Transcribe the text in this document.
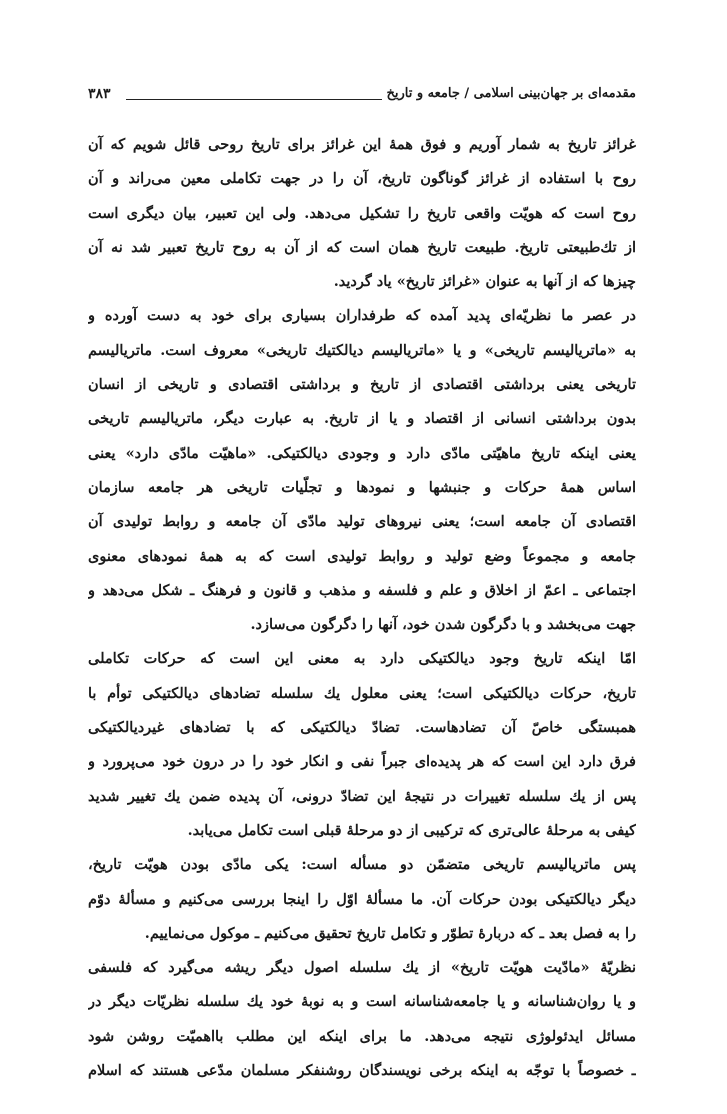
مقدمه‌ای بر جهان‌بینی اسلامی / جامعه و تاریخ
۳۸۳
غرائز تاریخ به شمار آوریم و فوق همهٔ این غرائز برای تاریخ روحی قائل شویم که آن
روح با استفاده از غرائز گوناگون تاریخ، آن را در جهت تکاملی معین می‌راند و آن
روح است که هویّت واقعی تاریخ را تشکیل می‌دهد. ولی این تعبیر، بیان دیگری است
از تك‌طبیعتی تاریخ. طبیعت تاریخ همان است که از آن به روح تاریخ تعبیر شد نه آن
چیزها که از آنها به عنوان «غرائز تاریخ» یاد گردید.
در عصر ما نظریّه‌ای پدید آمده که طرفداران بسیاری برای خود به دست آورده و
به «ماتریالیسم تاریخی» و یا «ماتریالیسم دیالکتیك تاریخی» معروف است. ماتریالیسم
تاریخی یعنی برداشتی اقتصادی از تاریخ و برداشتی اقتصادی و تاریخی از انسان
بدون برداشتی انسانی از اقتصاد و یا از تاریخ. به عبارت دیگر، ماتریالیسم تاریخی
یعنی اینکه تاریخ ماهیّتی مادّی دارد و وجودی دیالکتیکی. «ماهیّت مادّی دارد» یعنی
اساس همهٔ حرکات و جنبشها و نمودها و تجلّیات تاریخی هر جامعه سازمان
اقتصادی آن جامعه است؛ یعنی نیروهای تولید مادّی آن جامعه و روابط تولیدی آن
جامعه و مجموعاً وضع تولید و روابط تولیدی است که به همهٔ نمودهای معنوی
اجتماعی ـ اعمّ از اخلاق و علم و فلسفه و مذهب و قانون و فرهنگ ـ شکل می‌دهد و
جهت می‌بخشد و با دگرگون شدن خود، آنها را دگرگون می‌سازد.
امّا اینکه تاریخ وجود دیالکتیکی دارد به معنی این است که حرکات تکاملی
تاریخ، حرکات دیالکتیکی است؛ یعنی معلول یك سلسله تضادهای دیالکتیکی توأم با
همبستگی خاصّ آن تضادهاست. تضادّ دیالکتیکی که با تضادهای غیردیالکتیکی
فرق دارد این است که هر پدیده‌ای جبراً نفی و انکار خود را در درون خود می‌پرورد و
پس از یك سلسله تغییرات در نتیجهٔ این تضادّ درونی، آن پدیده ضمن یك تغییر شدید
کیفی به مرحلهٔ عالی‌تری که ترکیبی از دو مرحلهٔ قبلی است تکامل می‌یابد.
پس ماتریالیسم تاریخی متضمّن دو مسأله است: یکی مادّی بودن هویّت تاریخ،
دیگر دیالکتیکی بودن حرکات آن. ما مسألهٔ اوّل را اینجا بررسی می‌کنیم و مسألهٔ دوّم
را به فصل بعد ـ که دربارهٔ تطوّر و تکامل تاریخ تحقیق می‌کنیم ـ موکول می‌نماییم.
نظریّهٔ «مادّیت هویّت تاریخ» از یك سلسله اصول دیگر ریشه می‌گیرد که فلسفی
و یا روان‌شناسانه و یا جامعه‌شناسانه است و به نوبهٔ خود یك سلسله نظریّات دیگر در
مسائل ایدئولوژی نتیجه می‌دهد. ما برای اینکه این مطلب بااهمیّت روشن شود
ـ خصوصاً با توجّه به اینکه برخی نویسندگان روشنفکر مسلمان مدّعی هستند که اسلام
